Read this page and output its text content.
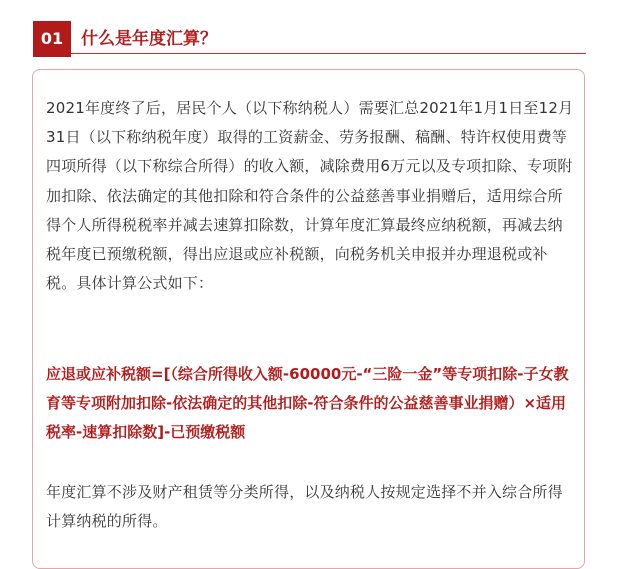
01	什么是年度汇算？

2021年度终了后，居民个人（以下称纳税人）需要汇总2021年1月1日至12月31日（以下称纳税年度）取得的工资薪金、劳务报酬、稿酬、特许权使用费等四项所得（以下称综合所得）的收入额，减除费用6万元以及专项扣除、专项附加扣除、依法确定的其他扣除和符合条件的公益慈善事业捐赠后，适用综合所得个人所得税税率并减去速算扣除数，计算年度汇算最终应纳税额，再减去纳税年度已预缴税额，得出应退或应补税额，向税务机关申报并办理退税或补税。具体计算公式如下：

应退或应补税额=[（综合所得收入额-60000元-“三险一金”等专项扣除-子女教育等专项附加扣除-依法确定的其他扣除-符合条件的公益慈善事业捐赠）×适用税率-速算扣除数]-已预缴税额

年度汇算不涉及财产租赁等分类所得，以及纳税人按规定选择不并入综合所得计算纳税的所得。
